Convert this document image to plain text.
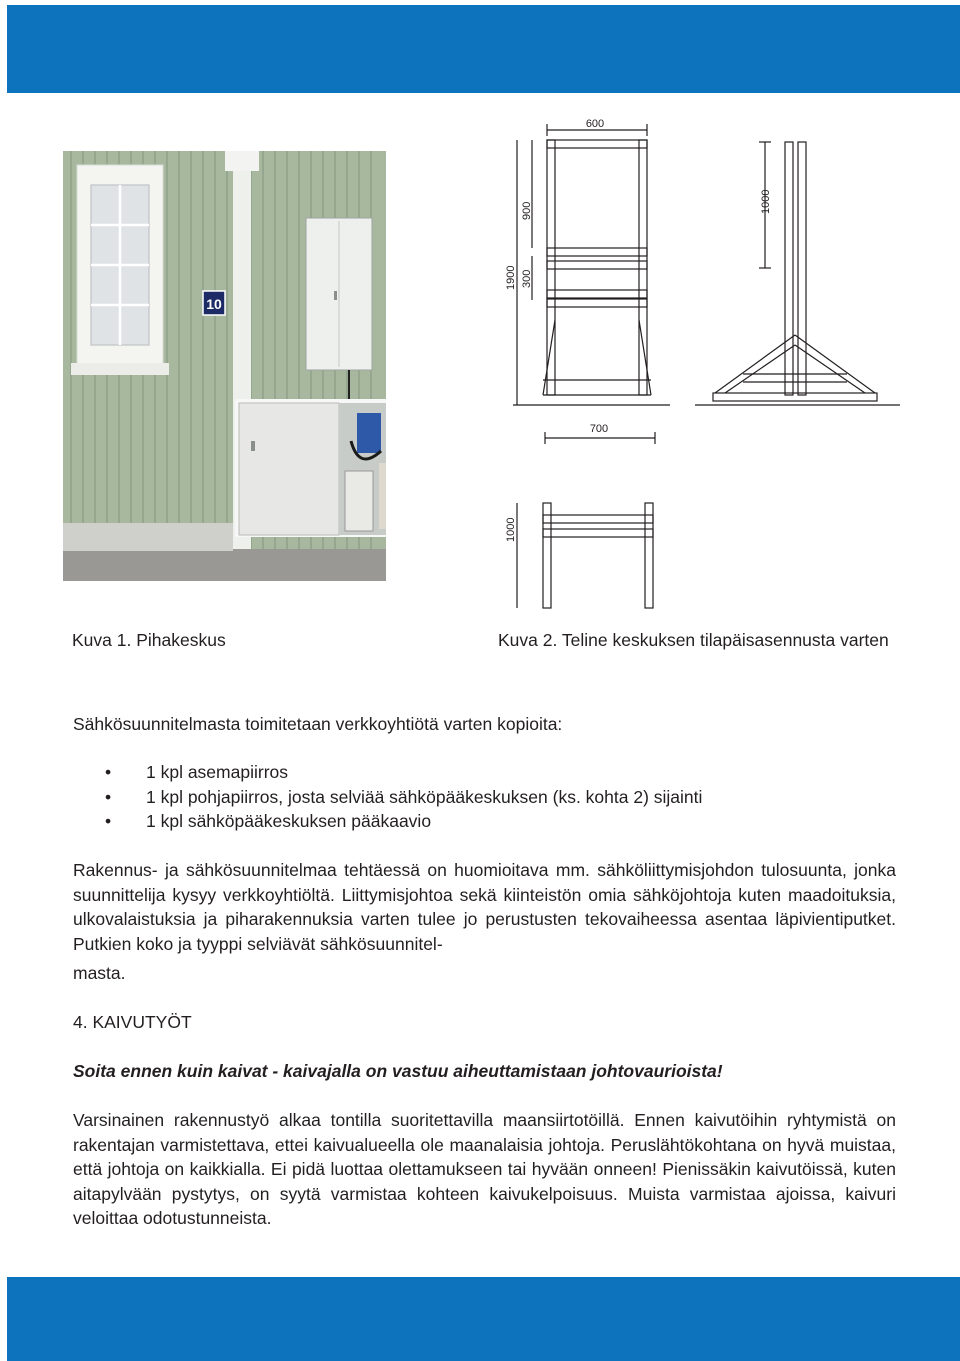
10
600
900
300
1900
1000
700
1000
Kuva 1. Pihakeskus	Kuva 2. Teline keskuksen tilapäisasennusta varten
Sähkösuunnitelmasta toimitetaan verkkoyhtiötä varten kopioita:
• 1 kpl asemapiirros
• 1 kpl pohjapiirros, josta selviää sähköpääkeskuksen (ks. kohta 2) sijainti
• 1 kpl sähköpääkeskuksen pääkaavio
Rakennus- ja sähkösuunnitelmaa tehtäessä on huomioitava mm. sähköliittymisjohdon tulosuunta, jonka suunnittelija kysyy verkkoyhtiöltä. Liittymisjohtoa sekä kiinteistön omia sähköjohtoja kuten maadoituksia, ulkovalaistuksia ja piharakennuksia varten tulee jo perustusten tekovaiheessa asentaa läpivientiputket. Putkien koko ja tyyppi selviävät sähkösuunnitel-
masta.
4. KAIVUTYÖT
Soita ennen kuin kaivat - kaivajalla on vastuu aiheuttamistaan johtovaurioista!
Varsinainen rakennustyö alkaa tontilla suoritettavilla maansiirtotöillä. Ennen kaivutöihin ryhtymistä on rakentajan varmistettava, ettei kaivualueella ole maanalaisia johtoja. Peruslähtökohtana on hyvä muistaa, että johtoja on kaikkialla. Ei pidä luottaa olettamukseen tai hyvään onneen! Pienissäkin kaivutöissä, kuten aitapylvään pystytys, on syytä varmistaa kohteen kaivukelpoisuus. Muista varmistaa ajoissa, kaivuri veloittaa odotustunneista.
